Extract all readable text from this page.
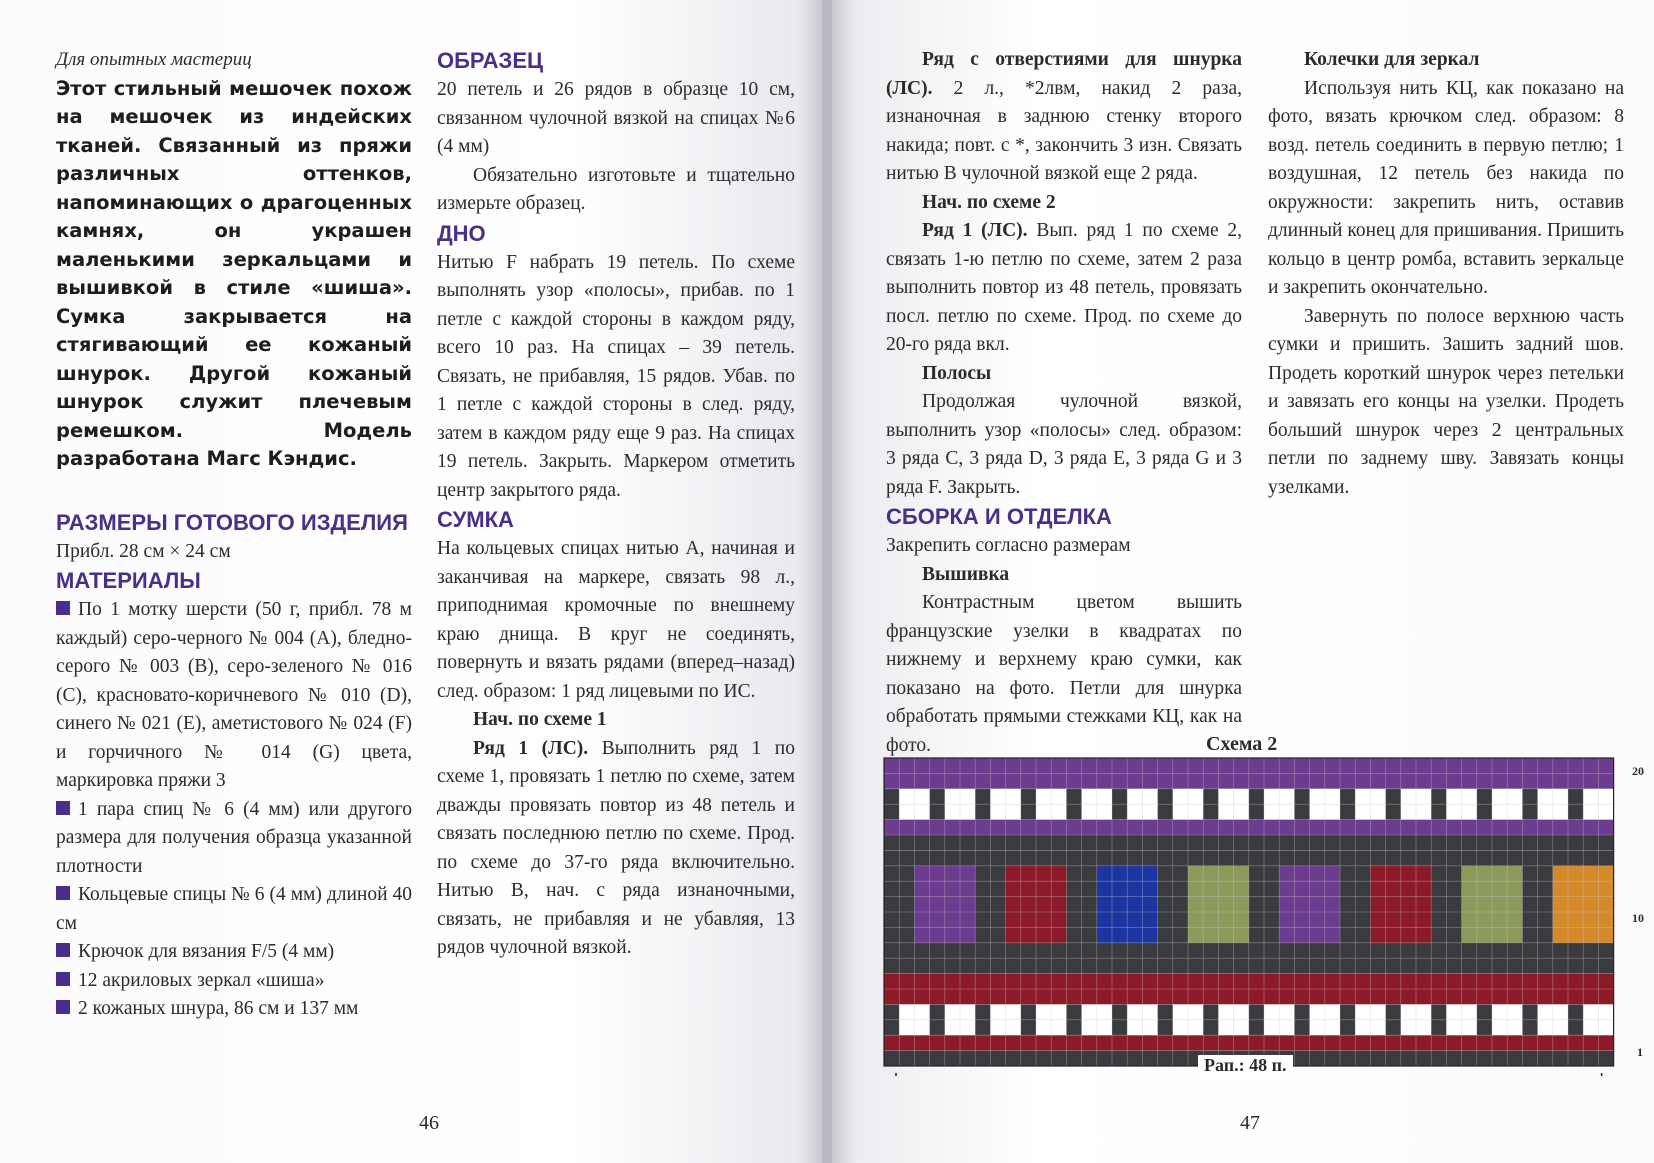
Для опытных мастериц

Этот стильный мешочек похож на мешочек из индейских тканей. Связанный из пряжи различных оттенков, напоминающих о драгоценных камнях, он украшен маленькими зеркальцами и вышивкой в стиле «шиша». Сумка закрывается на стягивающий ее кожаный шнурок. Другой кожаный шнурок служит плечевым ремешком. Модель разработана Магс Кэндис.

РАЗМЕРЫ ГОТОВОГО ИЗДЕЛИЯ

Прибл. 28 см × 24 см

МАТЕРИАЛЫ

По 1 мотку шерсти (50 г, прибл. 78 м каждый) серо-черного № 004 (А), бледно-серого № 003 (В), серо-зеленого № 016 (С), красновато-коричневого № 010 (D), синего № 021 (Е), аметистового № 024 (F) и горчичного № 014 (G) цвета, маркировка пряжи 3

1 пара спиц № 6 (4 мм) или другого размера для получения образца указанной плотности

Кольцевые спицы № 6 (4 мм) длиной 40 см

Крючок для вязания F/5 (4 мм)

12 акриловых зеркал «шиша»

2 кожаных шнура, 86 см и 137 мм

ОБРАЗЕЦ

20 петель и 26 рядов в образце 10 см, связанном чулочной вязкой на спицах №6 (4 мм)

Обязательно изготовьте и тщательно измерьте образец.

ДНО

Нитью F набрать 19 петель. По схеме выполнять узор «полосы», прибав. по 1 петле с каждой стороны в каждом ряду, всего 10 раз. На спицах – 39 петель. Связать, не прибавляя, 15 рядов. Убав. по 1 петле с каждой стороны в след. ряду, затем в каждом ряду еще 9 раз. На спицах 19 петель. Закрыть. Маркером отметить центр закрытого ряда.

СУМКА

На кольцевых спицах нитью А, начиная и заканчивая на маркере, связать 98 л., приподнимая кромочные по внешнему краю днища. В круг не соединять, повернуть и вязать рядами (вперед–назад) след. образом: 1 ряд лицевыми по ИС.

Нач. по схеме 1

Ряд 1 (ЛС). Выполнить ряд 1 по схеме 1, провязать 1 петлю по схеме, затем дважды провязать повтор из 48 петель и связать последнюю петлю по схеме. Прод. по схеме до 37-го ряда включительно. Нитью В, нач. с ряда изнаночными, связать, не прибавляя и не убавляя, 13 рядов чулочной вязкой.

46

Ряд с отверстиями для шнурка (ЛС). 2 л., *2лвм, накид 2 раза, изнаночная в заднюю стенку второго накида; повт. с *, закончить 3 изн. Связать нитью В чулочной вязкой еще 2 ряда.

Нач. по схеме 2

Ряд 1 (ЛС). Вып. ряд 1 по схеме 2, связать 1-ю петлю по схеме, затем 2 раза выполнить повтор из 48 петель, провязать посл. петлю по схеме. Прод. по схеме до 20-го ряда вкл.

Полосы

Продолжая чулочной вязкой, выполнить узор «полосы» след. образом: 3 ряда С, 3 ряда D, 3 ряда Е, 3 ряда G и 3 ряда F. Закрыть.

СБОРКА И ОТДЕЛКА

Закрепить согласно размерам

Вышивка

Контрастным цветом вышить французские узелки в квадратах по нижнему и верхнему краю сумки, как показано на фото. Петли для шнурка обработать прямыми стежками КЦ, как на фото.

Колечки для зеркал

Используя нить КЦ, как показано на фото, вязать крючком след. образом: 8 возд. петель соединить в первую петлю; 1 воздушная, 12 петель без накида по окружности: закрепить нить, оставив длинный конец для пришивания. Пришить кольцо в центр ромба, вставить зеркальце и закрепить окончательно.

Завернуть по полосе верхнюю часть сумки и пришить. Зашить задний шов. Продеть короткий шнурок через петельки и завязать его концы на узелки. Продеть больший шнурок через 2 центральных петли по заднему шву. Завязать концы узелками.

Схема 2
Рап.: 48 п.
20
10
1
47
